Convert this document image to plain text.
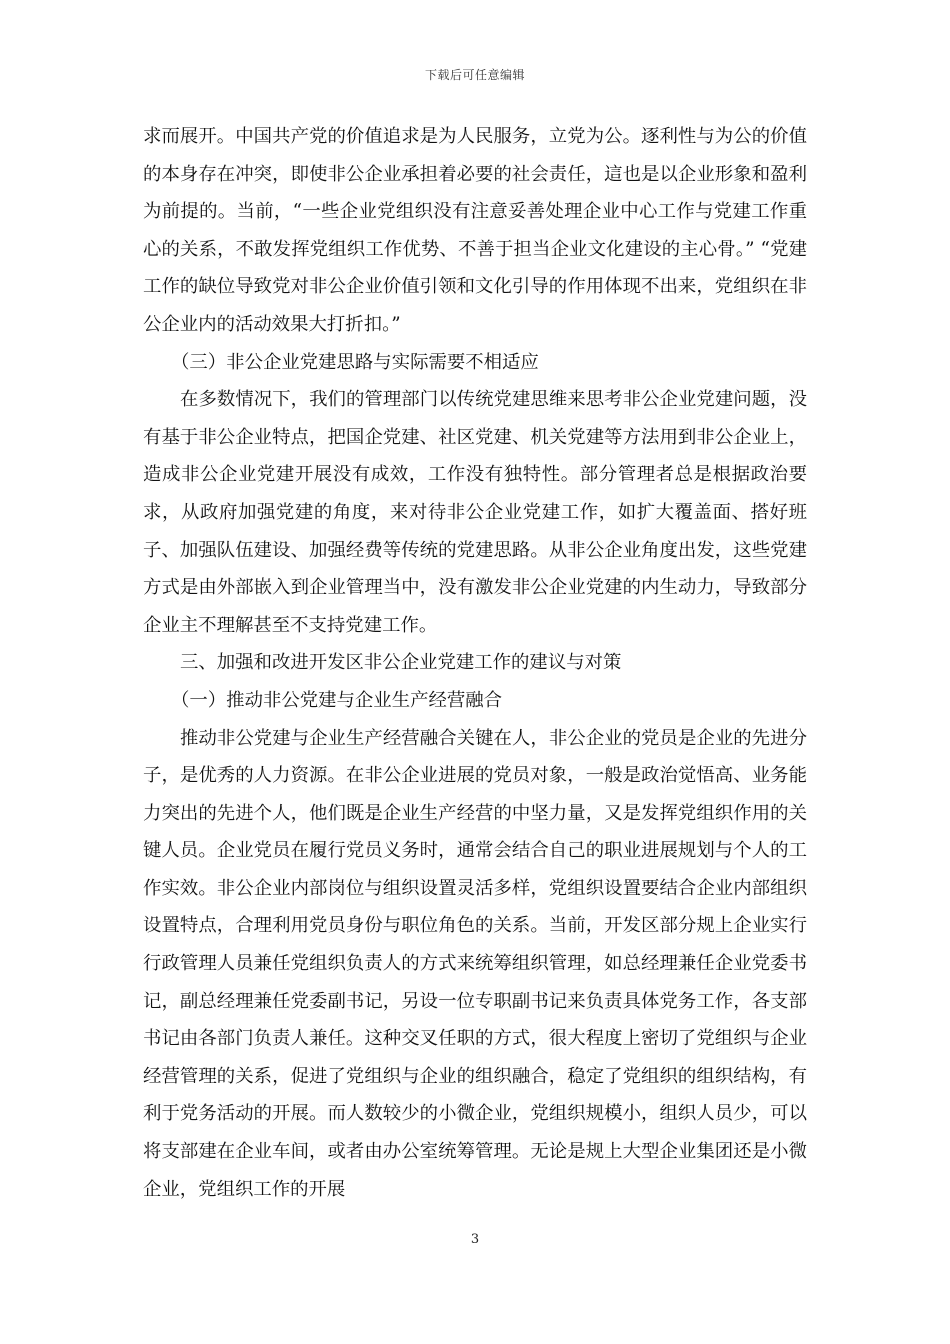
下载后可任意编辑

求而展开。中国共产党的价值追求是为人民服务，立党为公。逐利性与为公的价值的本身存在冲突，即使非公企业承担着必要的社会责任，這也是以企业形象和盈利为前提的。当前，“一些企业党组织没有注意妥善处理企业中心工作与党建工作重心的关系，不敢发挥党组织工作优势、不善于担当企业文化建设的主心骨。” “党建工作的缺位导致党对非公企业价值引领和文化引导的作用体现不出来，党组织在非公企业内的活动效果大打折扣。”

（三）非公企业党建思路与实际需要不相适应

在多数情况下，我们的管理部门以传统党建思维来思考非公企业党建问题，没有基于非公企业特点，把国企党建、社区党建、机关党建等方法用到非公企业上，造成非公企业党建开展没有成效，工作没有独特性。部分管理者总是根据政治要求，从政府加强党建的角度，来对待非公企业党建工作，如扩大覆盖面、搭好班子、加强队伍建设、加强经费等传统的党建思路。从非公企业角度出发，这些党建方式是由外部嵌入到企业管理当中，没有激发非公企业党建的内生动力，导致部分企业主不理解甚至不支持党建工作。

三、加强和改进开发区非公企业党建工作的建议与对策

（一）推动非公党建与企业生产经营融合

推动非公党建与企业生产经营融合关键在人，非公企业的党员是企业的先进分子，是优秀的人力资源。在非公企业进展的党员对象，一般是政治觉悟高、业务能力突出的先进个人，他们既是企业生产经营的中坚力量，又是发挥党组织作用的关键人员。企业党员在履行党员义务时，通常会结合自己的职业进展规划与个人的工作实效。非公企业内部岗位与组织设置灵活多样，党组织设置要结合企业内部组织设置特点，合理利用党员身份与职位角色的关系。当前，开发区部分规上企业实行行政管理人员兼任党组织负责人的方式来统筹组织管理，如总经理兼任企业党委书记，副总经理兼任党委副书记，另设一位专职副书记来负责具体党务工作，各支部书记由各部门负责人兼任。这种交叉任职的方式，很大程度上密切了党组织与企业经营管理的关系，促进了党组织与企业的组织融合，稳定了党组织的组织结构，有利于党务活动的开展。而人数较少的小微企业，党组织规模小，组织人员少，可以将支部建在企业车间，或者由办公室统筹管理。无论是规上大型企业集团还是小微企业，党组织工作的开展

3
